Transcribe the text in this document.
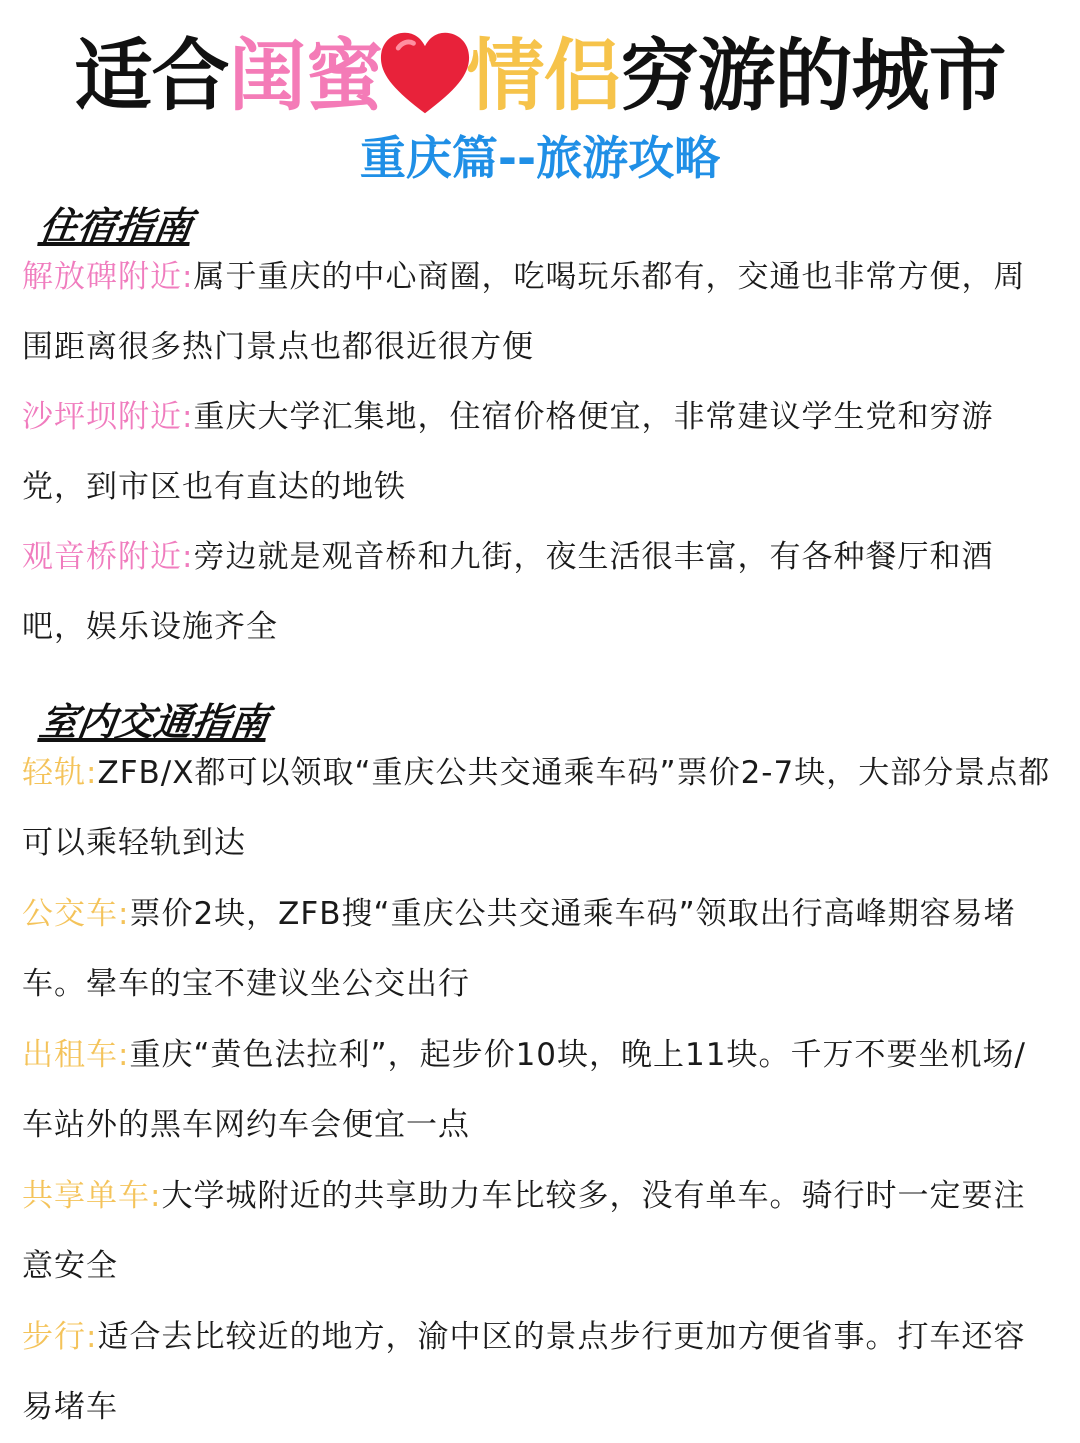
适合闺蜜 情侣穷游的城市
重庆篇--旅游攻略
住宿指南
解放碑附近:属于重庆的中心商圈，吃喝玩乐都有，交通也非常方便，周围距离很多热门景点也都很近很方便
沙坪坝附近:重庆大学汇集地，住宿价格便宜，非常建议学生党和穷游党，到市区也有直达的地铁
观音桥附近:旁边就是观音桥和九街，夜生活很丰富，有各种餐厅和酒吧，娱乐设施齐全
室内交通指南
轻轨:ZFB/X都可以领取“重庆公共交通乘车码”票价2-7块，大部分景点都可以乘轻轨到达
公交车:票价2块，ZFB搜“重庆公共交通乘车码”领取出行高峰期容易堵车。晕车的宝不建议坐公交出行
出租车:重庆“黄色法拉利”，起步价10块，晚上11块。千万不要坐机场/车站外的黑车网约车会便宜一点
共享单车:大学城附近的共享助力车比较多，没有单车。骑行时一定要注意安全
步行:适合去比较近的地方，渝中区的景点步行更加方便省事。打车还容易堵车
